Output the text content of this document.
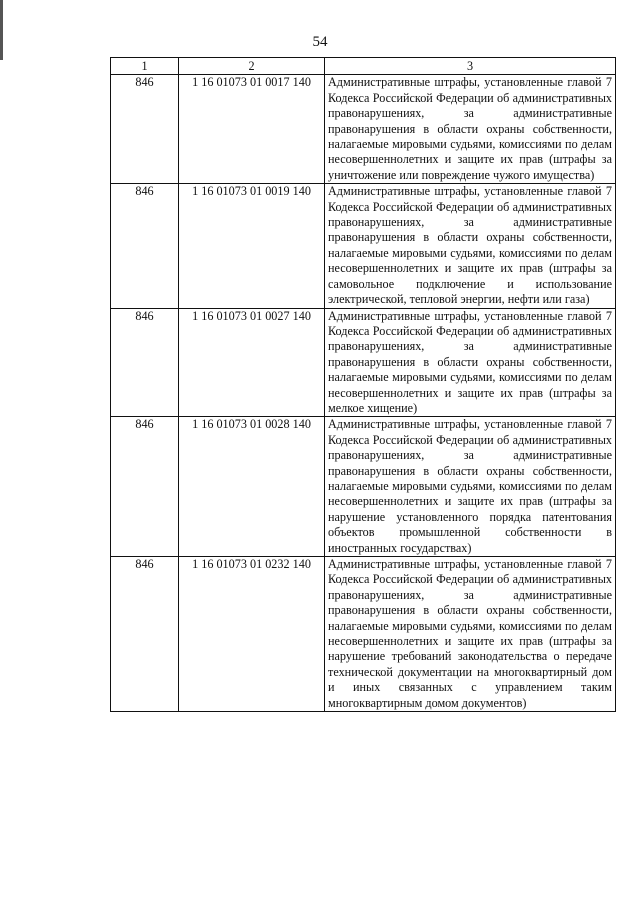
54
1	2	3
846	1 16 01073 01 0017 140	Административные штрафы, установленные главой 7 Кодекса Российской Федерации об административных правонарушениях, за административные правонарушения в области охраны собственности, налагаемые мировыми судьями, комиссиями по делам несовершеннолетних и защите их прав (штрафы за уничтожение или повреждение чужого имущества)
846	1 16 01073 01 0019 140	Административные штрафы, установленные главой 7 Кодекса Российской Федерации об административных правонарушениях, за административные правонарушения в области охраны собственности, налагаемые мировыми судьями, комиссиями по делам несовершеннолетних и защите их прав (штрафы за самовольное подключение и использование электрической, тепловой энергии, нефти или газа)
846	1 16 01073 01 0027 140	Административные штрафы, установленные главой 7 Кодекса Российской Федерации об административных правонарушениях, за административные правонарушения в области охраны собственности, налагаемые мировыми судьями, комиссиями по делам несовершеннолетних и защите их прав (штрафы за мелкое хищение)
846	1 16 01073 01 0028 140	Административные штрафы, установленные главой 7 Кодекса Российской Федерации об административных правонарушениях, за административные правонарушения в области охраны собственности, налагаемые мировыми судьями, комиссиями по делам несовершеннолетних и защите их прав (штрафы за нарушение установленного порядка патентования объектов промышленной собственности в иностранных государствах)
846	1 16 01073 01 0232 140	Административные штрафы, установленные главой 7 Кодекса Российской Федерации об административных правонарушениях, за административные правонарушения в области охраны собственности, налагаемые мировыми судьями, комиссиями по делам несовершеннолетних и защите их прав (штрафы за нарушение требований законодательства о передаче технической документации на многоквартирный дом и иных связанных с управлением таким многоквартирным домом документов)
